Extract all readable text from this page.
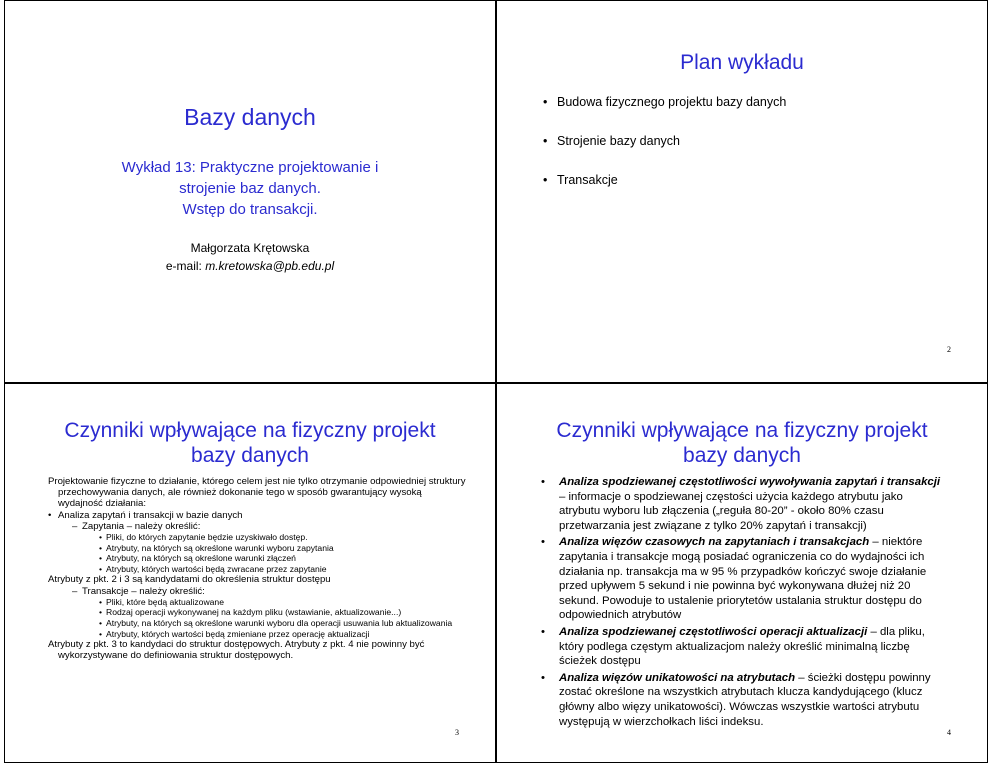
Bazy danych
Wykład 13: Praktyczne projektowanie i
strojenie baz danych.
Wstęp do transakcji.
Małgorzata Krętowska
e-mail: m.kretowska@pb.edu.pl
Plan wykładu
• Budowa fizycznego projektu bazy danych
• Strojenie bazy danych
• Transakcje
2
Czynniki wpływające na fizyczny projekt
bazy danych
Projektowanie fizyczne to działanie, którego celem jest nie tylko otrzymanie odpowiedniej struktury przechowywania danych, ale również dokonanie tego w sposób gwarantujący wysoką wydajność działania:
• Analiza zapytań i transakcji w bazie danych
– Zapytania – należy określić:
• Pliki, do których zapytanie będzie uzyskiwało dostęp.
• Atrybuty, na których są określone warunki wyboru zapytania
• Atrybuty, na których są określone warunki złączeń
• Atrybuty, których wartości będą zwracane przez zapytanie
Atrybuty z pkt. 2 i 3 są kandydatami do określenia struktur dostępu
– Transakcje – należy określić:
• Pliki, które będą aktualizowane
• Rodzaj operacji wykonywanej na każdym pliku (wstawianie, aktualizowanie...)
• Atrybuty, na których są określone warunki wyboru dla operacji usuwania lub aktualizowania
• Atrybuty, których wartości będą zmieniane przez operację aktualizacji
Atrybuty z pkt. 3 to kandydaci do struktur dostępowych. Atrybuty z pkt. 4 nie powinny być wykorzystywane do definiowania struktur dostępowych.
3
Czynniki wpływające na fizyczny projekt
bazy danych
• Analiza spodziewanej częstotliwości wywoływania zapytań i transakcji – informacje o spodziewanej częstości użycia każdego atrybutu jako atrybutu wyboru lub złączenia („reguła 80-20” - około 80% czasu przetwarzania jest związane z tylko 20% zapytań i transakcji)
• Analiza więzów czasowych na zapytaniach i transakcjach – niektóre zapytania i transakcje mogą posiadać ograniczenia co do wydajności ich działania np. transakcja ma w 95 % przypadków kończyć swoje działanie przed upływem 5 sekund i nie powinna być wykonywana dłużej niż 20 sekund. Powoduje to ustalenie priorytetów ustalania struktur dostępu do odpowiednich atrybutów
• Analiza spodziewanej częstotliwości operacji aktualizacji – dla pliku, który podlega częstym aktualizacjom należy określić minimalną liczbę ścieżek dostępu
• Analiza więzów unikatowości na atrybutach – ścieżki dostępu powinny zostać określone na wszystkich atrybutach klucza kandydującego (klucz główny albo więzy unikatowości). Wówczas wszystkie wartości atrybutu występują w wierzchołkach liści indeksu.
4
